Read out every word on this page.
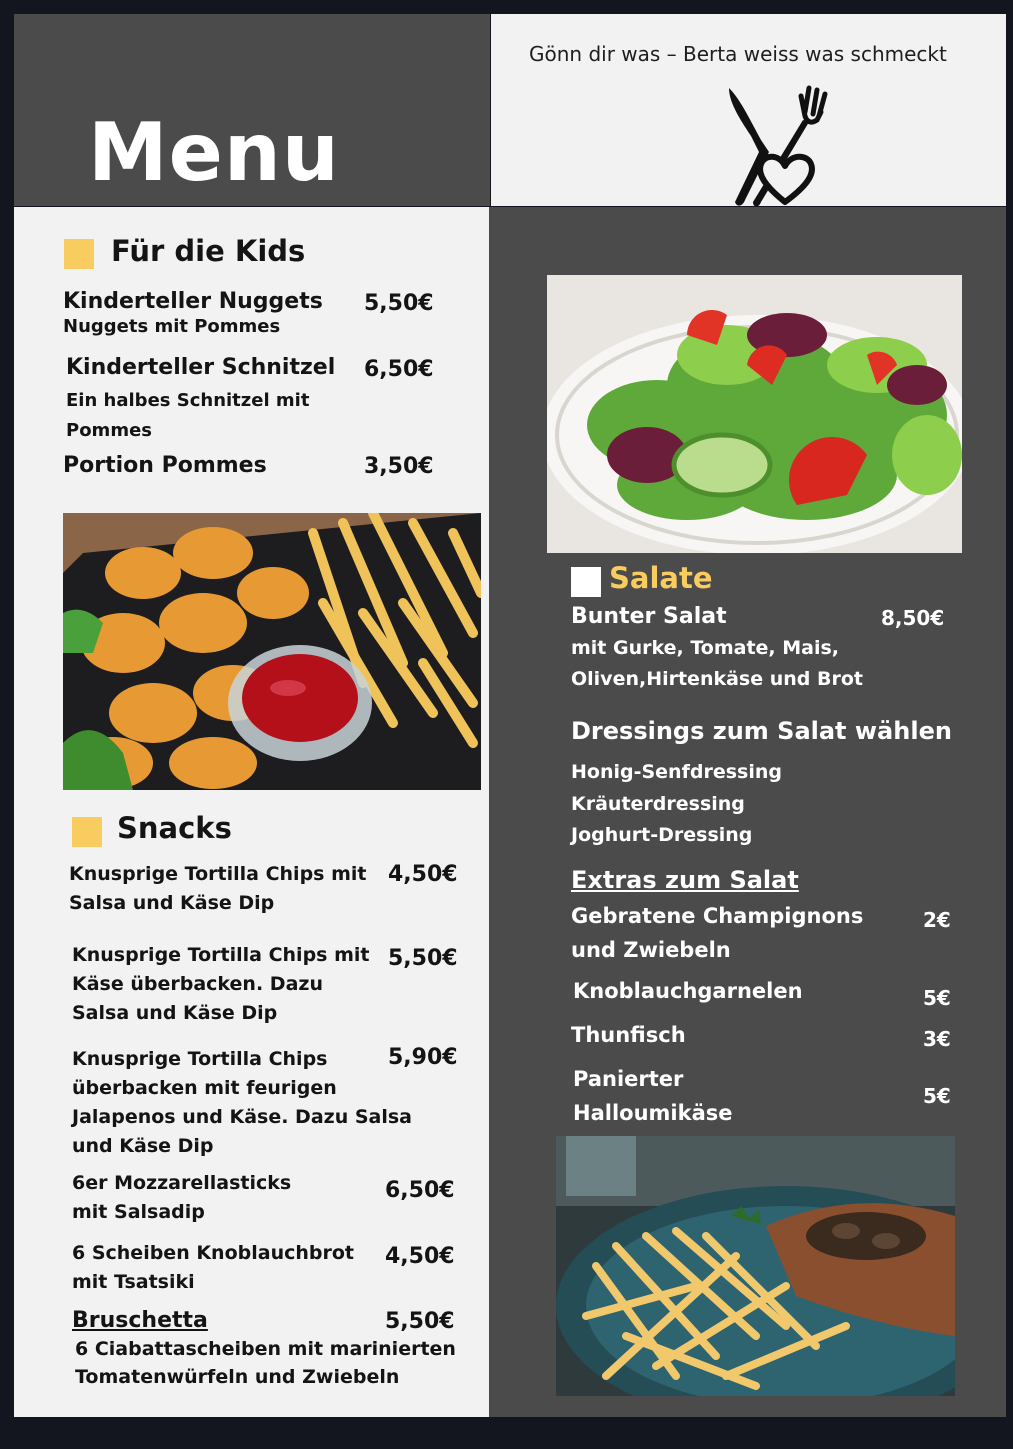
Menu
Gönn dir was – Berta weiss was schmeckt
Für die Kids
Kinderteller Nuggets 5,50€
Nuggets mit Pommes
Kinderteller Schnitzel 6,50€
Ein halbes Schnitzel mit
Pommes
Portion Pommes	3,50€
Snacks
Knusprige Tortilla Chips mit
Salsa und Käse Dip
4,50€
Knusprige Tortilla Chips mit
Käse überbacken. Dazu
Salsa und Käse Dip
5,50€
Knusprige Tortilla Chips
überbacken mit feurigen
Jalapenos und Käse. Dazu Salsa
und Käse Dip
5,90€
6er Mozzarellasticks
mit Salsadip
6,50€
6 Scheiben Knoblauchbrot
mit Tsatsiki
4,50€
Bruschetta	5,50€
6 Ciabattascheiben mit marinierten
Tomatenwürfeln und Zwiebeln
Salate
Bunter Salat	8,50€
mit Gurke, Tomate, Mais,
Oliven,Hirtenkäse und Brot
Dressings zum Salat wählen
Honig-Senfdressing
Kräuterdressing
Joghurt-Dressing
Extras zum Salat
Gebratene Champignons
und Zwiebeln
2€
Knoblauchgarnelen	5€
Thunfisch	3€
Panierter
Halloumikäse
5€
